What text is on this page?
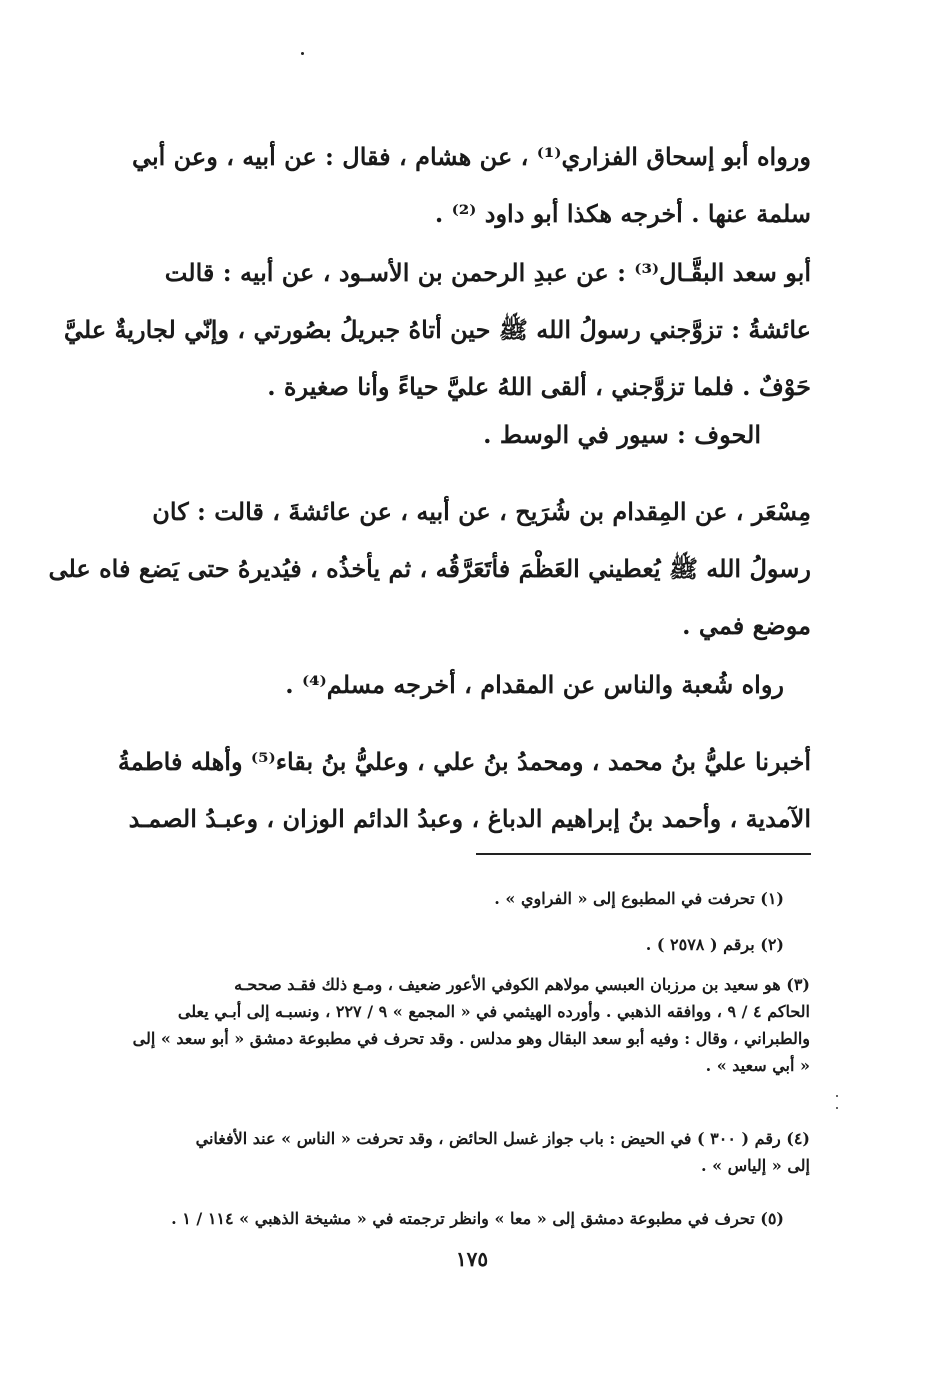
ورواه أبو إسحاق الفزاري⁽¹⁾ ، عن هشام ، فقال : عن أبيه ، وعن أبي
سلمة عنها . أخرجه هكذا أبو داود ⁽²⁾ .
أبو سعد البقَّـال⁽³⁾ : عن عبدِ الرحمن بن الأسـود ، عن أبيه : قالت
عائشةُ : تزوَّجني رسولُ الله ﷺ حين أتاهُ جبريلُ بصُورتي ، وإنّي لجاريةٌ عليَّ
حَوْفٌ . فلما تزوَّجني ، ألقى اللهُ عليَّ حياءً وأنا صغيرة .
الحوف : سيور في الوسط .
مِسْعَر ، عن المِقدام بن شُرَيح ، عن أبيه ، عن عائشةَ ، قالت : كان
رسولُ الله ﷺ يُعطيني العَظْمَ فأتَعَرَّقُه ، ثم يأخذُه ، فيُديرهُ حتى يَضع فاه على
موضع فمي .
رواه شُعبة والناس عن المقدام ، أخرجه مسلم⁽⁴⁾ .
أخبرنا عليُّ بنُ محمد ، ومحمدُ بنُ علي ، وعليُّ بنُ بقاء⁽⁵⁾ وأهله فاطمةُ
الآمدية ، وأحمد بنُ إبراهيم الدباغ ، وعبدُ الدائم الوزان ، وعبـدُ الصمـد

(١) تحرفت في المطبوع إلى « الفراوي » .

(٢) برقم ( ٢٥٧٨ ) .

(٣) هو سعيد بن مرزبان العبسي مولاهم الكوفي الأعور ضعيف ، ومـع ذلك فقـد صححـه

الحاكم ٤ / ٩ ، ووافقه الذهبي . وأورده الهيثمي في « المجمع » ٩ / ٢٢٧ ، ونسبـه إلى أبـي يعلى

والطبراني ، وقال : وفيه أبو سعد البقال وهو مدلس . وقد تحرف في مطبوعة دمشق « أبو سعد » إلى

« أبي سعيد » .

(٤) رقم ( ٣٠٠ ) في الحيض : باب جواز غسل الحائض ، وقد تحرفت « الناس » عند الأفغاني

إلى « إلياس » .

(٥) تحرف في مطبوعة دمشق إلى « معا » وانظر ترجمته في « مشيخة الذهبي » ١١٤ / ١ .

١٧٥
